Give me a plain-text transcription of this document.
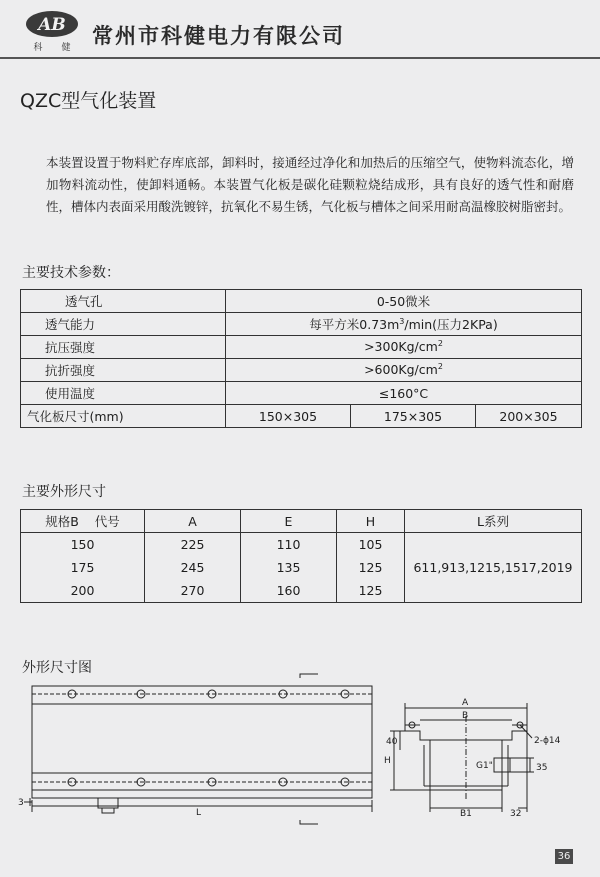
AB
科 健 常州市科健电力有限公司
QZC型气化装置
本装置设置于物料贮存库底部，卸料时，接通经过净化和加热后的压缩空气，使物料流态化，增加物料流动性，使卸料通畅。本装置气化板是碳化硅颗粒烧结成形，具有良好的透气性和耐磨性，槽体内表面采用酸洗镀锌，抗氧化不易生锈，气化板与槽体之间采用耐高温橡胶树脂密封。
主要技术参数：
透气孔	0-50微米		
透气能力	每平方米$0.73m^3/\min$(压力2KPa)		
抗压强度	$>300Kg/cm^2$
抗折强度	$>600Kg/cm^2$
使用温度	≤160°C		
气化板尺寸(mm)	150×305	175×305	200×305
主要外形尺寸
规格B 代号	A	E	H	L系列
150	225	110	105	611,913,1215,1517,2019
175	245	135	125	
200	270	160	125	
外形尺寸图
L
3
A
B
H
40
G1"
2-ϕ14
35
B1	32
36
